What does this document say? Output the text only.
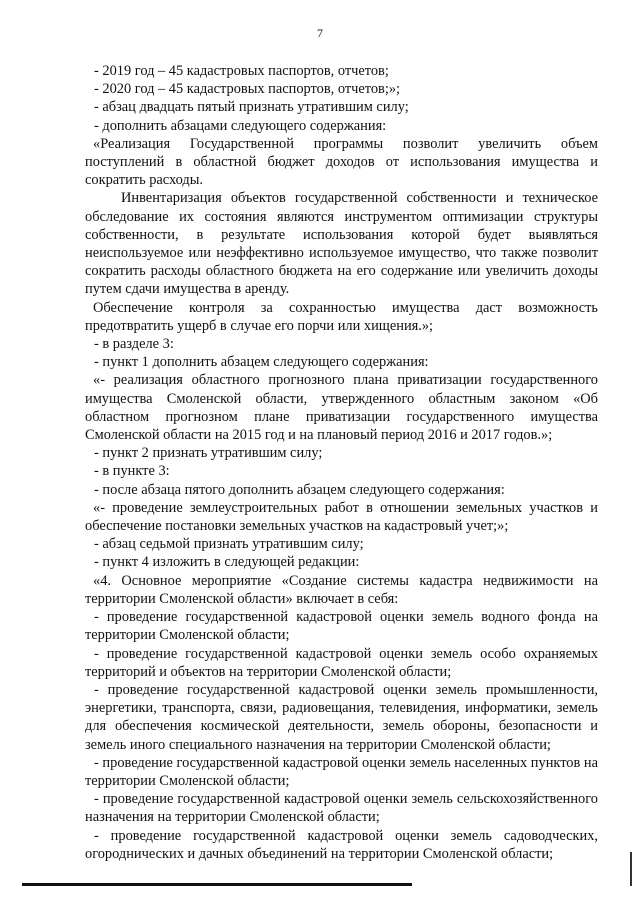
7

- 2019 год – 45 кадастровых паспортов, отчетов;

- 2020 год – 45 кадастровых паспортов, отчетов;»;

- абзац двадцать пятый признать утратившим силу;

- дополнить абзацами следующего содержания:

«Реализация Государственной программы позволит увеличить объем поступлений в областной бюджет доходов от использования имущества и сократить расходы.

Инвентаризация объектов государственной собственности и техническое обследование их состояния являются инструментом оптимизации структуры собственности, в результате использования которой будет выявляться неиспользуемое или неэффективно используемое имущество, что также позволит сократить расходы областного бюджета на его содержание или увеличить доходы путем сдачи имущества в аренду.

Обеспечение контроля за сохранностью имущества даст возможность предотвратить ущерб в случае его порчи или хищения.»;

- в разделе 3:

- пункт 1 дополнить абзацем следующего содержания:

«- реализация областного прогнозного плана приватизации государственного имущества Смоленской области, утвержденного областным законом «Об областном прогнозном плане приватизации государственного имущества Смоленской области на 2015 год и на плановый период 2016 и 2017 годов.»;

- пункт 2 признать утратившим силу;

- в пункте 3:

- после абзаца пятого дополнить абзацем следующего содержания:

«- проведение землеустроительных работ в отношении земельных участков и обеспечение постановки земельных участков на кадастровый учет;»;

- абзац седьмой признать утратившим силу;

- пункт 4 изложить в следующей редакции:

«4. Основное мероприятие «Создание системы кадастра недвижимости на территории Смоленской области» включает в себя:

- проведение государственной кадастровой оценки земель водного фонда на территории Смоленской области;

- проведение государственной кадастровой оценки земель особо охраняемых территорий и объектов на территории Смоленской области;

- проведение государственной кадастровой оценки земель промышленности, энергетики, транспорта, связи, радиовещания, телевидения, информатики, земель для обеспечения космической деятельности, земель обороны, безопасности и земель иного специального назначения на территории Смоленской области;

- проведение государственной кадастровой оценки земель населенных пунктов на территории Смоленской области;

- проведение государственной кадастровой оценки земель сельскохозяйственного назначения на территории Смоленской области;

- проведение государственной кадастровой оценки земель садоводческих, огороднических и дачных объединений на территории Смоленской области;
